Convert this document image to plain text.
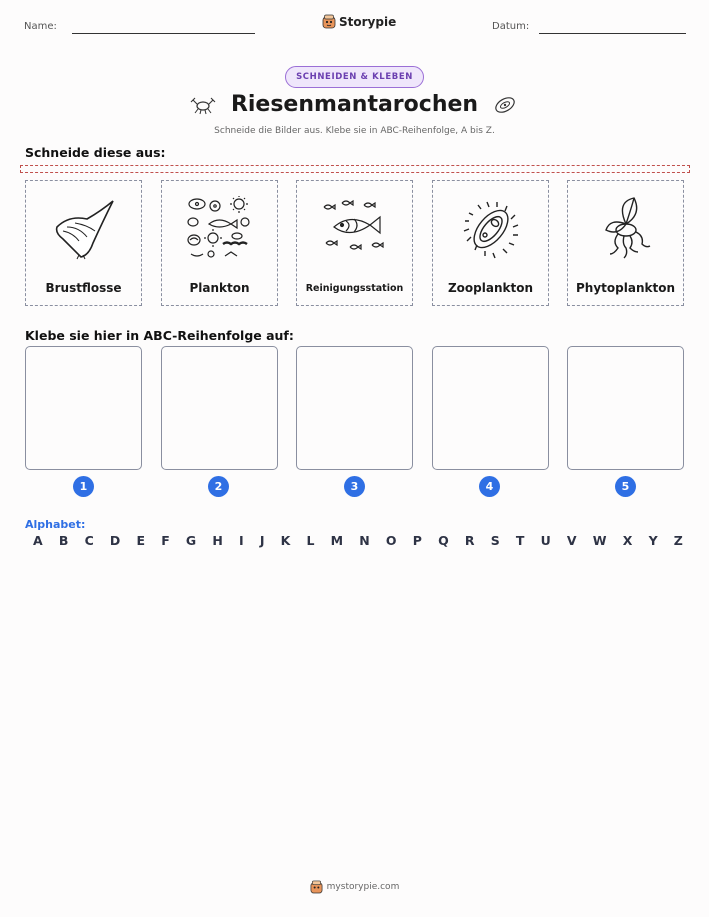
Name:	Storypie	Datum:
SCHNEIDEN & KLEBEN
Riesenmantarochen
Schneide die Bilder aus. Klebe sie in ABC-Reihenfolge, A bis Z.
Schneide diese aus:
Brustflosse	Plankton	Reinigungsstation	Zooplankton	Phytoplankton
Klebe sie hier in ABC-Reihenfolge auf:
1	2	3	4	5
Alphabet:
A B C D E F G H I J K L M N O P Q R S T U V W X Y Z
mystorypie.com
